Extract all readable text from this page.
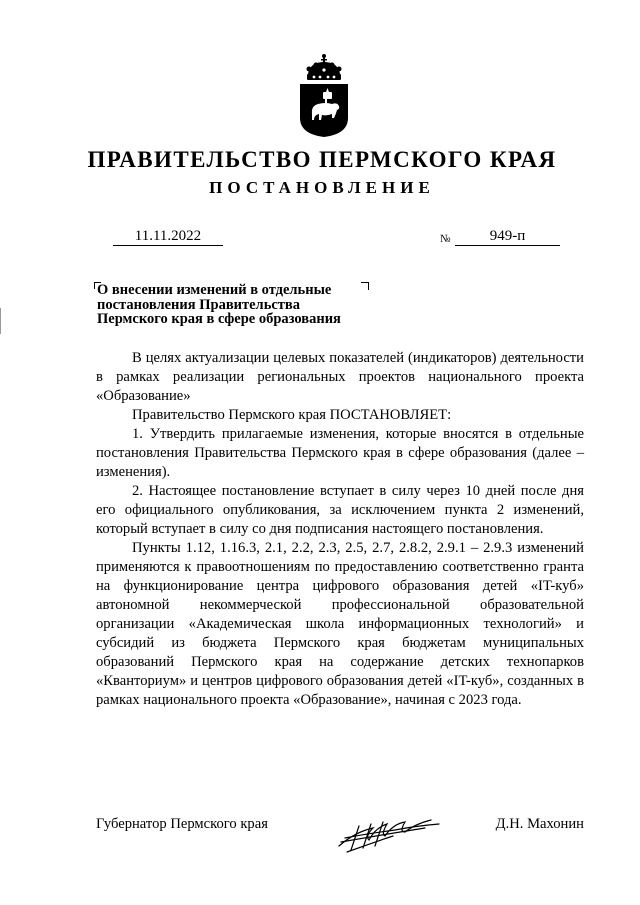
ПРАВИТЕЛЬСТВО ПЕРМСКОГО КРАЯ
ПОСТАНОВЛЕНИЕ
11.11.2022	№	949-п
О внесении изменений в отдельные
постановления Правительства
Пермского края в сфере образования

В целях актуализации целевых показателей (индикаторов) деятельности в рамках реализации региональных проектов национального проекта «Образование»

Правительство Пермского края ПОСТАНОВЛЯЕТ:

1. Утвердить прилагаемые изменения, которые вносятся в отдельные постановления Правительства Пермского края в сфере образования (далее – изменения).

2. Настоящее постановление вступает в силу через 10 дней после дня его официального опубликования, за исключением пункта 2 изменений, который вступает в силу со дня подписания настоящего постановления.

Пункты 1.12, 1.16.3, 2.1, 2.2, 2.3, 2.5, 2.7, 2.8.2, 2.9.1 – 2.9.3 изменений применяются к правоотношениям по предоставлению соответственно гранта на функционирование центра цифрового образования детей «IT-куб» автономной некоммерческой профессиональной образовательной организации «Академическая школа информационных технологий» и субсидий из бюджета Пермского края бюджетам муниципальных образований Пермского края на содержание детских технопарков «Кванториум» и центров цифрового образования детей «IT-куб», созданных в рамках национального проекта «Образование», начиная с 2023 года.

Губернатор Пермского края	Д.Н. Махонин
